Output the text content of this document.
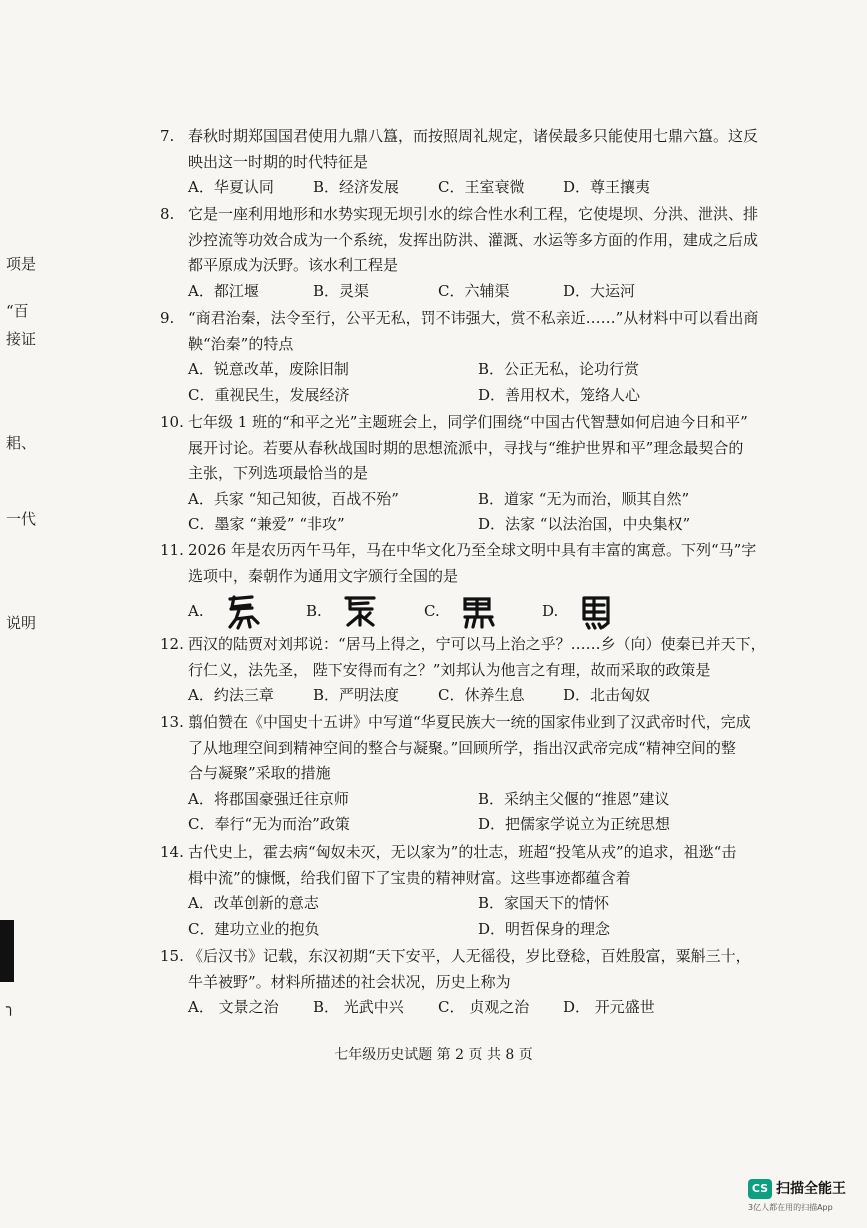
项是
“百
接证
耜、
一代
说明
╮
7. 春秋时期郑国国君使用九鼎八簋，而按照周礼规定，诸侯最多只能使用七鼎六簋。这反
映出这一时期的时代特征是
A．华夏认同	B．经济发展	C．王室衰微	D．尊王攘夷
8. 它是一座利用地形和水势实现无坝引水的综合性水利工程，它使堤坝、分洪、泄洪、排
沙控流等功效合成为一个系统，发挥出防洪、灌溉、水运等多方面的作用，建成之后成
都平原成为沃野。该水利工程是
A．都江堰	B．灵渠	C．六辅渠	D．大运河
9. “商君治秦，法令至行，公平无私，罚不讳强大，赏不私亲近……”从材料中可以看出商
鞅“治秦”的特点
A．锐意改革，废除旧制	B．公正无私，论功行赏
C．重视民生，发展经济	D．善用权术，笼络人心
10. 七年级 1 班的“和平之光”主题班会上，同学们围绕“中国古代智慧如何启迪今日和平”
展开讨论。若要从春秋战国时期的思想流派中，寻找与“维护世界和平”理念最契合的
主张，下列选项最恰当的是
A．兵家 “知己知彼，百战不殆”	B．道家 “无为而治，顺其自然”
C．墨家 “兼爱” “非攻”	D．法家 “以法治国，中央集权”
11. 2026 年是农历丙午马年，马在中华文化乃至全球文明中具有丰富的寓意。下列“马”字
选项中，秦朝作为通用文字颁行全国的是
A.	B.	C.	D.
12. 西汉的陆贾对刘邦说：“居马上得之，宁可以马上治之乎？……乡（向）使秦已并天下，
行仁义，法先圣， 陛下安得而有之？”刘邦认为他言之有理，故而采取的政策是
A．约法三章	B．严明法度	C．休养生息	D．北击匈奴
13. 翦伯赞在《中国史十五讲》中写道“华夏民族大一统的国家伟业到了汉武帝时代，完成
了从地理空间到精神空间的整合与凝聚。”回顾所学，指出汉武帝完成“精神空间的整
合与凝聚”采取的措施
A．将郡国豪强迁往京师	B．采纳主父偃的“推恩”建议
C．奉行“无为而治”政策	D．把儒家学说立为正统思想
14. 古代史上，霍去病“匈奴未灭，无以家为”的壮志，班超“投笔从戎”的追求，祖逖“击
楫中流”的慷慨，给我们留下了宝贵的精神财富。这些事迹都蕴含着
A．改革创新的意志	B．家国天下的情怀
C．建功立业的抱负	D．明哲保身的理念
15. 《后汉书》记载，东汉初期“天下安平，人无徭役，岁比登稔，百姓殷富，粟斛三十，
牛羊被野”。材料所描述的社会状况，历史上称为
A． 文景之治	B． 光武中兴	C． 贞观之治	D． 开元盛世
七年级历史试题 第 2 页 共 8 页
CS 扫描全能王
3亿人都在用的扫描App
